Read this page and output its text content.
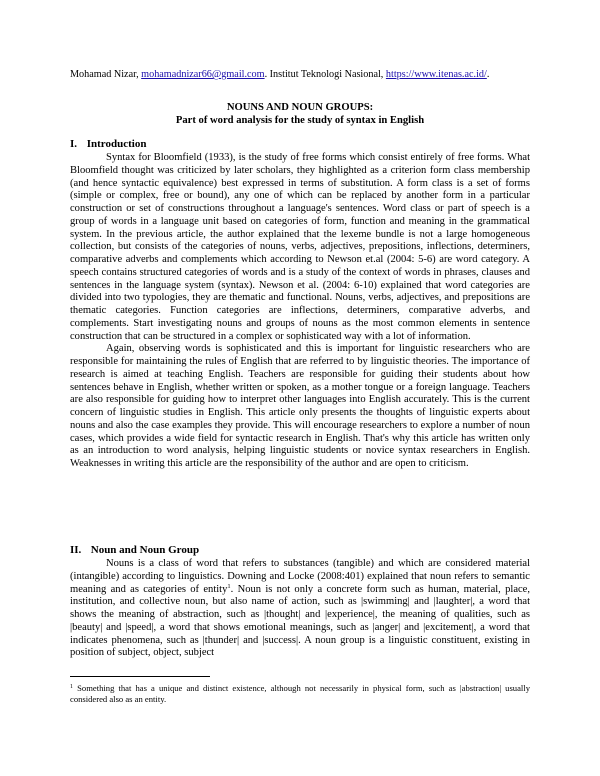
Mohamad Nizar, mohamadnizar66@gmail.com. Institut Teknologi Nasional, https://www.itenas.ac.id/.
NOUNS AND NOUN GROUPS:
Part of word analysis for the study of syntax in English
I. Introduction

Syntax for Bloomfield (1933), is the study of free forms which consist entirely of free forms. What Bloomfield thought was criticized by later scholars, they highlighted as a criterion form class membership (and hence syntactic equivalence) best expressed in terms of substitution. A form class is a set of forms (simple or complex, free or bound), any one of which can be replaced by another form in a particular construction or set of constructions throughout a language's sentences. Word class or part of speech is a group of words in a language unit based on categories of form, function and meaning in the grammatical system. In the previous article, the author explained that the lexeme bundle is not a large homogeneous collection, but consists of the categories of nouns, verbs, adjectives, prepositions, inflections, determiners, comparative adverbs and complements which according to Newson et.al (2004: 5-6) are word category. A speech contains structured categories of words and is a study of the context of words in phrases, clauses and sentences in the language system (syntax). Newson et al. (2004: 6-10) explained that word categories are divided into two typologies, they are thematic and functional. Nouns, verbs, adjectives, and prepositions are thematic categories. Function categories are inflections, determiners, comparative adverbs, and complements. Start investigating nouns and groups of nouns as the most common elements in sentence construction that can be structured in a complex or sophisticated way with a lot of information.

Again, observing words is sophisticated and this is important for linguistic researchers who are responsible for maintaining the rules of English that are referred to by linguistic theories. The importance of research is aimed at teaching English. Teachers are responsible for guiding their students about how sentences behave in English, whether written or spoken, as a mother tongue or a foreign language. Teachers are also responsible for guiding how to interpret other languages into English accurately. This is the current concern of linguistic studies in English. This article only presents the thoughts of linguistic experts about nouns and also the case examples they provide. This will encourage researchers to explore a number of noun cases, which provides a wide field for syntactic research in English. That's why this article has written only as an introduction to word analysis, helping linguistic students or novice syntax researchers in English. Weaknesses in writing this article are the responsibility of the author and are open to criticism.

II. Noun and Noun Group

Nouns is a class of word that refers to substances (tangible) and which are considered material (intangible) according to linguistics. Downing and Locke (2008:401) explained that noun refers to semantic meaning and as categories of entity$^1$. Noun is not only a concrete form such as human, material, place, institution, and collective noun, but also name of action, such as |swimming| and |laughter|, a word that shows the meaning of abstraction, such as |thought| and |experience|, the meaning of qualities, such as |beauty| and |speed|, a word that shows emotional meanings, such as |anger| and |excitement|, a word that indicates phenomena, such as |thunder| and |success|. A noun group is a linguistic constituent, existing in position of subject, object, subject

$^1$ Something that has a unique and distinct existence, although not necessarily in physical form, such as |abstraction| usually considered also as an entity.
